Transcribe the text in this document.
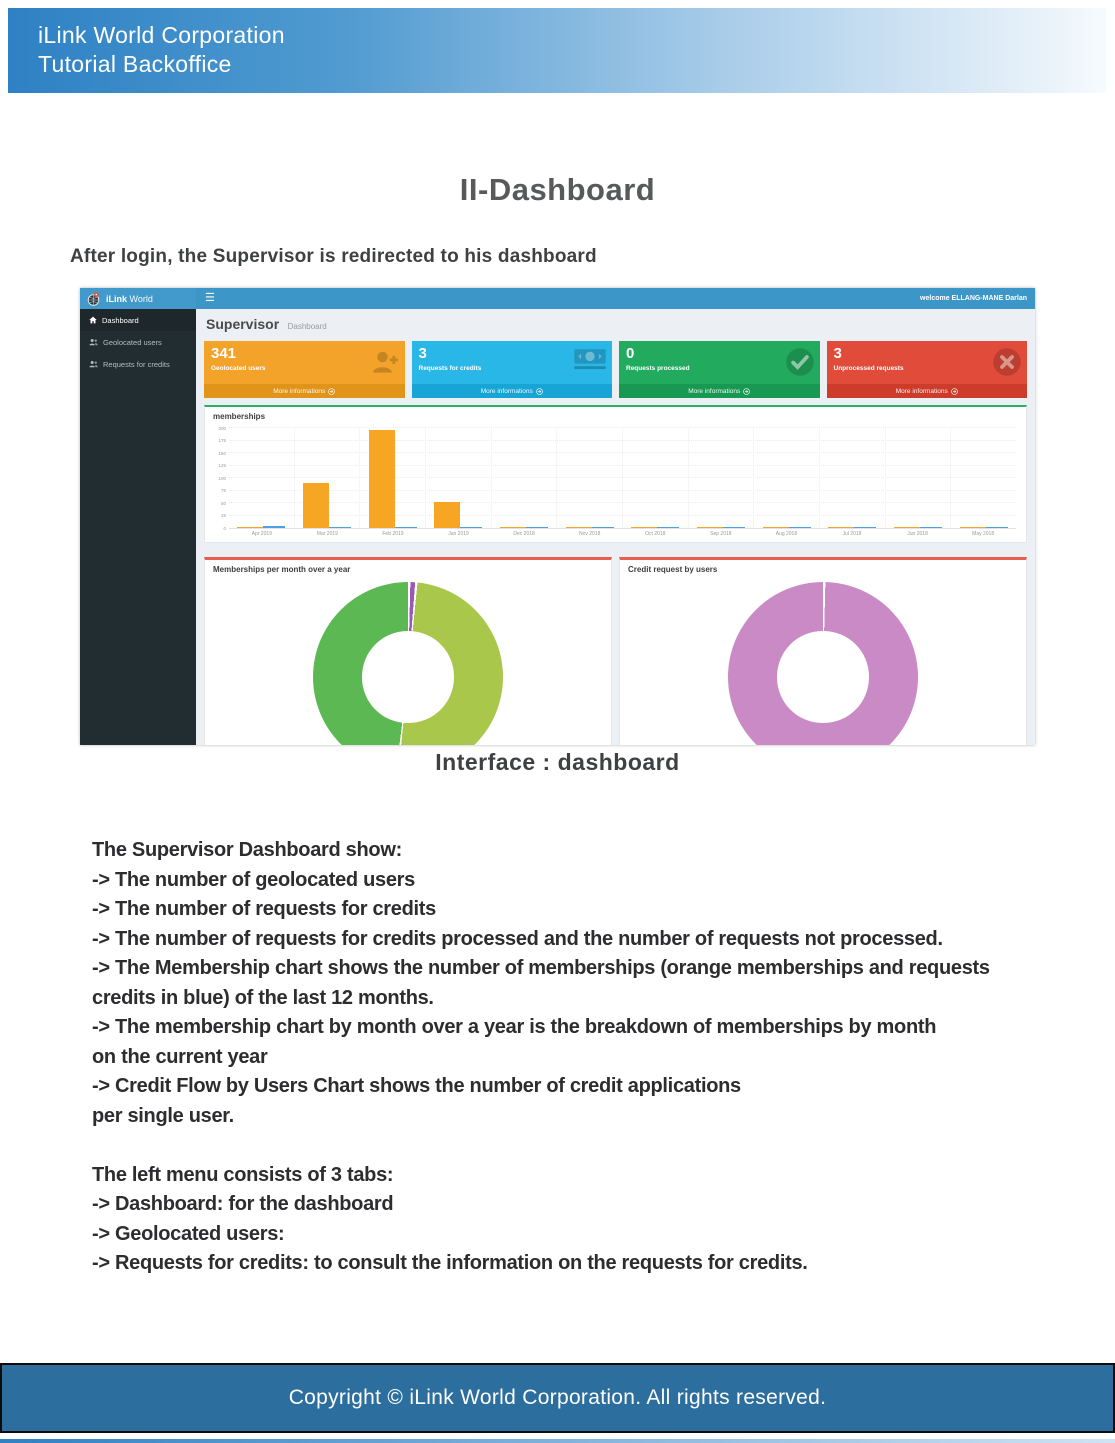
iLink World Corporation
Tutorial Backoffice
II-Dashboard
After login, the Supervisor is redirected to his dashboard
iLink World	☰	welcome ELLANG-MANE Darlan
Dashboard
Geolocated users
Requests for credits
Supervisor Dashboard
341
Geolocated users
More informations
3
Requests for credits
More informations
0
Requests processed
More informations
3
Unprocessed requests
More informations
memberships
0
25
50
75
100
125
150
175
200
Apr 2019	Mar 2019	Feb 2019	Jan 2019	Dec 2018	Nov 2018	Oct 2018	Sep 2018	Aug 2018	Jul 2018	Jun 2018	May 2018
Memberships per month over a year	Credit request by users
Interface : dashboard
The Supervisor Dashboard show:
-> The number of geolocated users
-> The number of requests for credits
-> The number of requests for credits processed and the number of requests not processed.
-> The Membership chart shows the number of memberships (orange memberships and requests
credits in blue) of the last 12 months.
-> The membership chart by month over a year is the breakdown of memberships by month
on the current year
-> Credit Flow by Users Chart shows the number of credit applications
per single user.
The left menu consists of 3 tabs:
-> Dashboard: for the dashboard
-> Geolocated users:
-> Requests for credits: to consult the information on the requests for credits.
Copyright © iLink World Corporation. All rights reserved.
